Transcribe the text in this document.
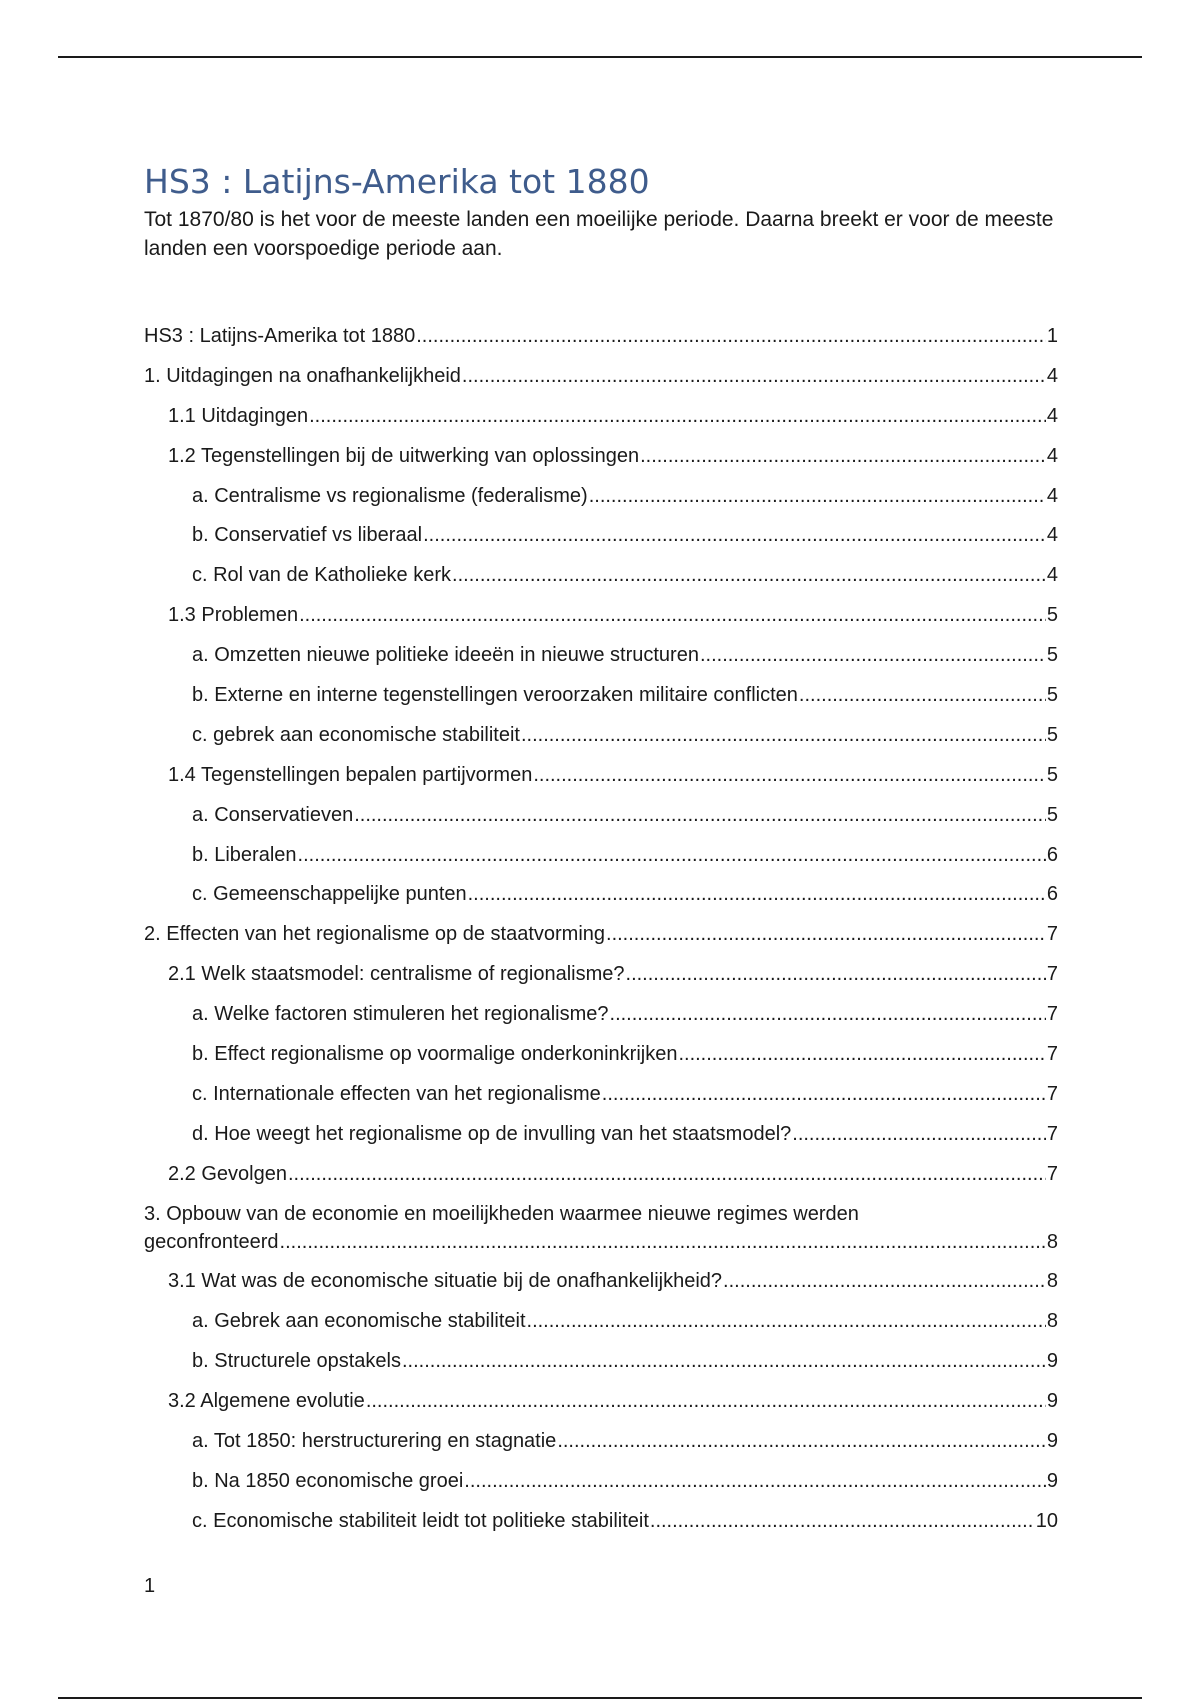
HS3 : Latijns-Amerika tot 1880

Tot 1870/80 is het voor de meeste landen een moeilijke periode. Daarna breekt er voor de meeste landen een voorspoedige periode aan.

HS3 : Latijns-Amerika tot 1880 .....	1
1. Uitdagingen na onafhankelijkheid .....	4
1.1 Uitdagingen .....	4
1.2 Tegenstellingen bij de uitwerking van oplossingen .....	4
a. Centralisme vs regionalisme (federalisme) .....	4
b. Conservatief vs liberaal .....	4
c. Rol van de Katholieke kerk .....	4
1.3 Problemen .....	5
a. Omzetten nieuwe politieke ideeën in nieuwe structuren .....	5
b. Externe en interne tegenstellingen veroorzaken militaire conflicten .....	5
c. gebrek aan economische stabiliteit .....	5
1.4 Tegenstellingen bepalen partijvormen .....	5
a. Conservatieven .....	5
b. Liberalen .....	6
c. Gemeenschappelijke punten .....	6
2. Effecten van het regionalisme op de staatvorming .....	7
2.1 Welk staatsmodel: centralisme of regionalisme? .....	7
a. Welke factoren stimuleren het regionalisme? .....	7
b. Effect regionalisme op voormalige onderkoninkrijken .....	7
c. Internationale effecten van het regionalisme .....	7
d. Hoe weegt het regionalisme op de invulling van het staatsmodel? .....	7
2.2 Gevolgen .....	7
3. Opbouw van de economie en moeilijkheden waarmee nieuwe regimes werden
geconfronteerd .....	8
3.1 Wat was de economische situatie bij de onafhankelijkheid? .....	8
a. Gebrek aan economische stabiliteit .....	8
b. Structurele opstakels .....	9
3.2 Algemene evolutie .....	9
a. Tot 1850: herstructurering en stagnatie .....	9
b. Na 1850 economische groei .....	9
c. Economische stabiliteit leidt tot politieke stabiliteit .....	10
1
